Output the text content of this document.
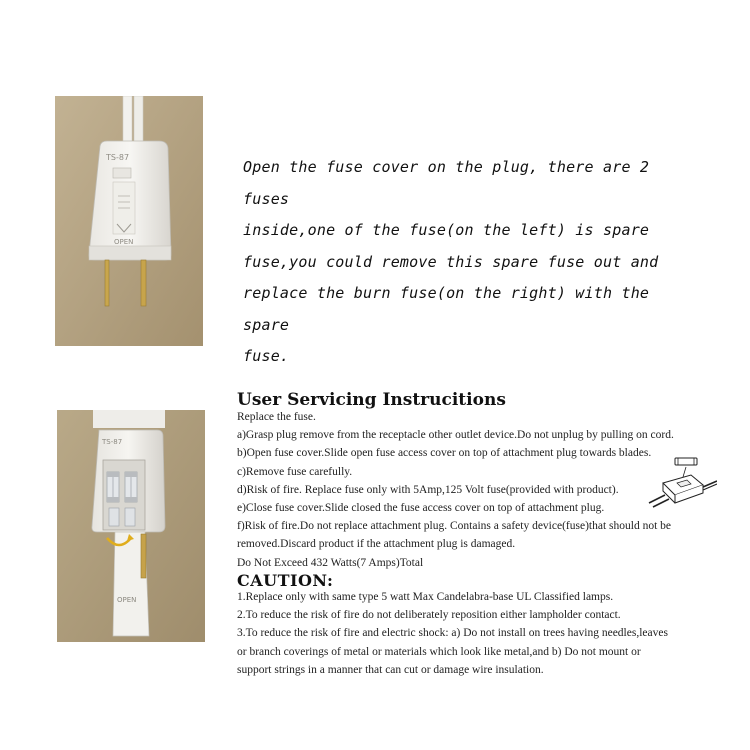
TS-87
OPEN
Open the fuse cover on the plug, there are 2 fuses
inside,one of the fuse(on the left) is spare
fuse,you could remove this spare fuse out and
replace the burn fuse(on the right) with the spare
fuse.
TS-87
OPEN
User Servicing Instrucitions
Replace the fuse.
a)Grasp plug remove from the receptacle other outlet device.Do not unplug by pulling on cord.
b)Open fuse cover.Slide open fuse access cover on top of attachment plug towards blades.
c)Remove fuse carefully.
d)Risk of fire. Replace fuse only with 5Amp,125 Volt fuse(provided with product).
e)Close fuse cover.Slide closed the fuse access cover on top of attachment plug.
f)Risk of fire.Do not replace attachment plug. Contains a safety device(fuse)that should not be
removed.Discard product if the attachment plug is damaged.
Do Not Exceed 432 Watts(7 Amps)Total
CAUTION:
1.Replace only with same type 5 watt Max Candelabra-base UL Classified lamps.
2.To reduce the risk of fire do not deliberately reposition either lampholder contact.
3.To reduce the risk of fire and electric shock: a) Do not install on trees having needles,leaves
or branch coverings of metal or materials which look like metal,and b) Do not mount or
support strings in a manner that can cut or damage wire insulation.
